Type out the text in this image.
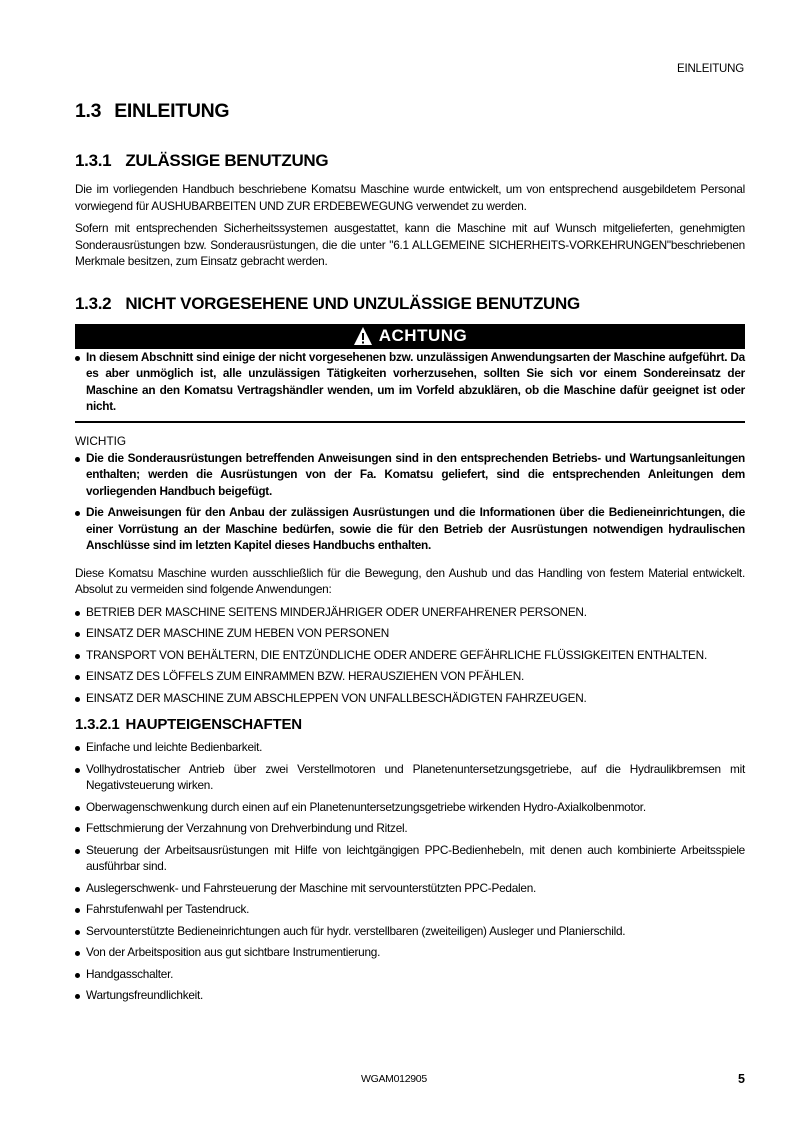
EINLEITUNG
1.3 EINLEITUNG
1.3.1 ZULÄSSIGE BENUTZUNG

Die im vorliegenden Handbuch beschriebene Komatsu Maschine wurde entwickelt, um von entsprechend ausgebildetem Personal vorwiegend für AUSHUBARBEITEN UND ZUR ERDEBEWEGUNG verwendet zu werden.

Sofern mit entsprechenden Sicherheitssystemen ausgestattet, kann die Maschine mit auf Wunsch mitgelieferten, genehmigten Sonderausrüstungen bzw. Sonderausrüstungen, die die unter "6.1 ALLGEMEINE SICHERHEITS-VORKEHRUNGEN"beschriebenen Merkmale besitzen, zum Einsatz gebracht werden.

1.3.2 NICHT VORGESEHENE UND UNZULÄSSIGE BENUTZUNG
ACHTUNG
In diesem Abschnitt sind einige der nicht vorgesehenen bzw. unzulässigen Anwendungsarten der Maschine aufgeführt. Da es aber unmöglich ist, alle unzulässigen Tätigkeiten vorherzusehen, sollten Sie sich vor einem Sondereinsatz der Maschine an den Komatsu Vertragshändler wenden, um im Vorfeld abzuklären, ob die Maschine dafür geeignet ist oder nicht.
WICHTIG
Die die Sonderausrüstungen betreffenden Anweisungen sind in den entsprechenden Betriebs- und Wartungsanleitungen enthalten; werden die Ausrüstungen von der Fa. Komatsu geliefert, sind die entsprechenden Anleitungen dem vorliegenden Handbuch beigefügt.
Die Anweisungen für den Anbau der zulässigen Ausrüstungen und die Informationen über die Bedieneinrichtungen, die einer Vorrüstung an der Maschine bedürfen, sowie die für den Betrieb der Ausrüstungen notwendigen hydraulischen Anschlüsse sind im letzten Kapitel dieses Handbuchs enthalten.

Diese Komatsu Maschine wurden ausschließlich für die Bewegung, den Aushub und das Handling von festem Material entwickelt. Absolut zu vermeiden sind folgende Anwendungen:

BETRIEB DER MASCHINE SEITENS MINDERJÄHRIGER ODER UNERFAHRENER PERSONEN.
EINSATZ DER MASCHINE ZUM HEBEN VON PERSONEN
TRANSPORT VON BEHÄLTERN, DIE ENTZÜNDLICHE ODER ANDERE GEFÄHRLICHE FLÜSSIGKEITEN ENTHALTEN.
EINSATZ DES LÖFFELS ZUM EINRAMMEN BZW. HERAUSZIEHEN VON PFÄHLEN.
EINSATZ DER MASCHINE ZUM ABSCHLEPPEN VON UNFALLBESCHÄDIGTEN FAHRZEUGEN.
1.3.2.1 HAUPTEIGENSCHAFTEN
Einfache und leichte Bedienbarkeit.
Vollhydrostatischer Antrieb über zwei Verstellmotoren und Planetenuntersetzungsgetriebe, auf die Hydraulikbremsen mit Negativsteuerung wirken.
Oberwagenschwenkung durch einen auf ein Planetenuntersetzungsgetriebe wirkenden Hydro-Axialkolbenmotor.
Fettschmierung der Verzahnung von Drehverbindung und Ritzel.
Steuerung der Arbeitsausrüstungen mit Hilfe von leichtgängigen PPC-Bedienhebeln, mit denen auch kombinierte Arbeitsspiele ausführbar sind.
Auslegerschwenk- und Fahrsteuerung der Maschine mit servounterstützten PPC-Pedalen.
Fahrstufenwahl per Tastendruck.
Servounterstützte Bedieneinrichtungen auch für hydr. verstellbaren (zweiteiligen) Ausleger und Planierschild.
Von der Arbeitsposition aus gut sichtbare Instrumentierung.
Handgasschalter.
Wartungsfreundlichkeit.
WGAM012905	5
